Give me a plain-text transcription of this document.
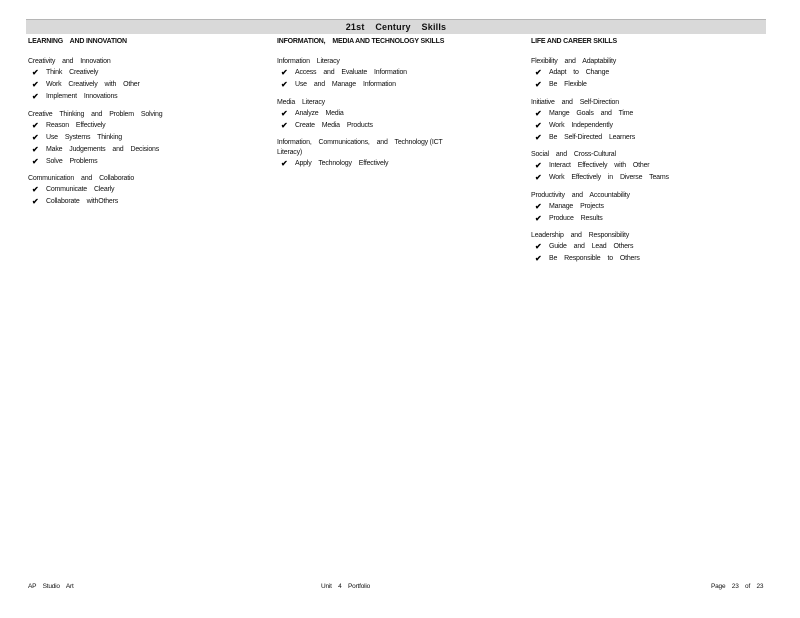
21st    Century    Skills
LEARNING    AND INNOVATION
Creativity    and    Innovation
✔	Think    Creatively
✔	Work    Creatively    with    Other
✔	Implement    Innovations
Creative    Thinking    and    Problem    Solving
✔	Reason    Effectively
✔	Use    Systems    Thinking
✔	Make    Judgements    and    Decisions
✔	Solve    Problems
Communication    and    Collaboratio
✔	Communicate    Clearly
✔	Collaborate    withOthers
INFORMATION,    MEDIA AND TECHNOLOGY SKILLS
Information    Literacy
✔	Access    and    Evaluate    Information
✔	Use    and    Manage    Information
Media    Literacy
✔	Analyze    Media
✔	Create    Media    Products
Information,    Communications,    and    Technology (ICT    Literacy)
✔	Apply    Technology    Effectively
LIFE AND CAREER SKILLS
Flexibility    and    Adaptability
✔	Adapt    to    Change
✔	Be    Flexible
Initiative    and    Self-Direction
✔	Mange    Goals    and    Time
✔	Work    Independently
✔	Be    Self-Directed    Learners
Social    and    Cross-Cultural
✔	Interact    Effectively    with    Other
✔	Work    Effectively    in    Diverse    Teams
Productivity    and    Accountability
✔	Manage    Projects
✔	Produce    Results
Leadership    and    Responsibility
✔	Guide    and    Lead    Others
✔	Be    Responsible    to    Others
AP    Studio    Art	Unit    4    Portfolio	Page    23    of    23
